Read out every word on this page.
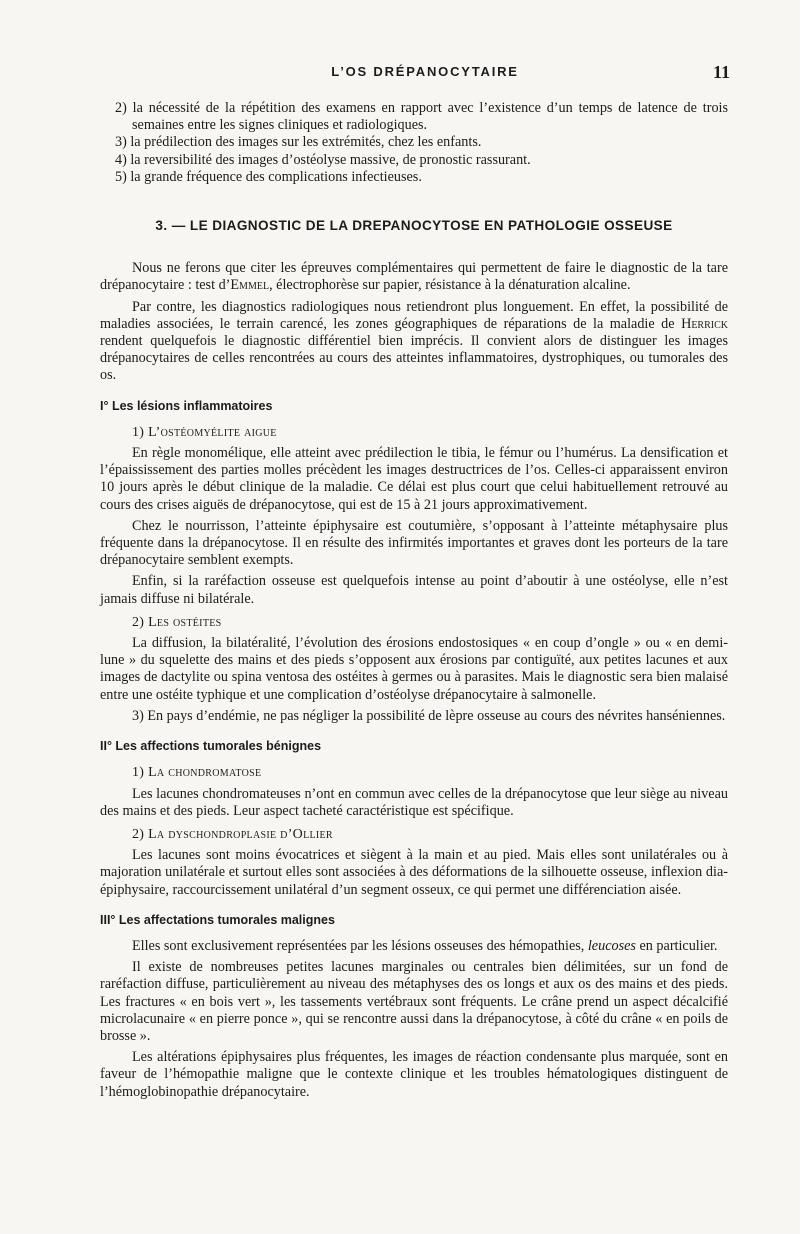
L’OS DRÉPANOCYTAIRE	11

2) la nécessité de la répétition des examens en rapport avec l’existence d’un temps de latence de trois semaines entre les signes cliniques et radiologiques.

3) la prédilection des images sur les extrémités, chez les enfants.

4) la reversibilité des images d’ostéolyse massive, de pronostic rassurant.

5) la grande fréquence des complications infectieuses.

3. — LE DIAGNOSTIC DE LA DREPANOCYTOSE EN PATHOLOGIE OSSEUSE

Nous ne ferons que citer les épreuves complémentaires qui permettent de faire le diagnostic de la tare drépanocytaire : test d’Emmel, électrophorèse sur papier, résistance à la dénaturation alcaline.

Par contre, les diagnostics radiologiques nous retiendront plus longuement. En effet, la possibilité de maladies associées, le terrain carencé, les zones géographiques de réparations de la maladie de Herrick rendent quelquefois le diagnostic différentiel bien imprécis. Il convient alors de distinguer les images drépanocytaires de celles rencontrées au cours des atteintes inflammatoires, dystrophiques, ou tumorales des os.

I° Les lésions inflammatoires
1) L’ostéomyélite aigue

En règle monomélique, elle atteint avec prédilection le tibia, le fémur ou l’humérus. La densification et l’épaississement des parties molles précèdent les images destructrices de l’os. Celles-ci apparaissent environ 10 jours après le début clinique de la maladie. Ce délai est plus court que celui habituellement retrouvé au cours des crises aiguës de drépanocytose, qui est de 15 à 21 jours approximativement.

Chez le nourrisson, l’atteinte épiphysaire est coutumière, s’opposant à l’atteinte métaphysaire plus fréquente dans la drépanocytose. Il en résulte des infirmités importantes et graves dont les porteurs de la tare drépanocytaire semblent exempts.

Enfin, si la raréfaction osseuse est quelquefois intense au point d’aboutir à une ostéolyse, elle n’est jamais diffuse ni bilatérale.

2) Les ostéites

La diffusion, la bilatéralité, l’évolution des érosions endostosiques « en coup d’ongle » ou « en demi-lune » du squelette des mains et des pieds s’opposent aux érosions par contiguïté, aux petites lacunes et aux images de dactylite ou spina ventosa des ostéites à germes ou à parasites. Mais le diagnostic sera bien malaisé entre une ostéite typhique et une complication d’ostéolyse drépanocytaire à salmonelle.

3) En pays d’endémie, ne pas négliger la possibilité de lèpre osseuse au cours des névrites hanséniennes.

II° Les affections tumorales bénignes
1) La chondromatose

Les lacunes chondromateuses n’ont en commun avec celles de la drépanocytose que leur siège au niveau des mains et des pieds. Leur aspect tacheté caractéristique est spécifique.

2) La dyschondroplasie d’Ollier

Les lacunes sont moins évocatrices et siègent à la main et au pied. Mais elles sont unilatérales ou à majoration unilatérale et surtout elles sont associées à des déformations de la silhouette osseuse, inflexion dia-épiphysaire, raccourcissement unilatéral d’un segment osseux, ce qui permet une différenciation aisée.

III° Les affectations tumorales malignes

Elles sont exclusivement représentées par les lésions osseuses des hémopathies, leucoses en particulier.

Il existe de nombreuses petites lacunes marginales ou centrales bien délimitées, sur un fond de raréfaction diffuse, particulièrement au niveau des métaphyses des os longs et aux os des mains et des pieds. Les fractures « en bois vert », les tassements vertébraux sont fréquents. Le crâne prend un aspect décalcifié microlacunaire « en pierre ponce », qui se rencontre aussi dans la drépanocytose, à côté du crâne « en poils de brosse ».

Les altérations épiphysaires plus fréquentes, les images de réaction condensante plus marquée, sont en faveur de l’hémopathie maligne que le contexte clinique et les troubles hématologiques distinguent de l’hémoglobinopathie drépanocytaire.
